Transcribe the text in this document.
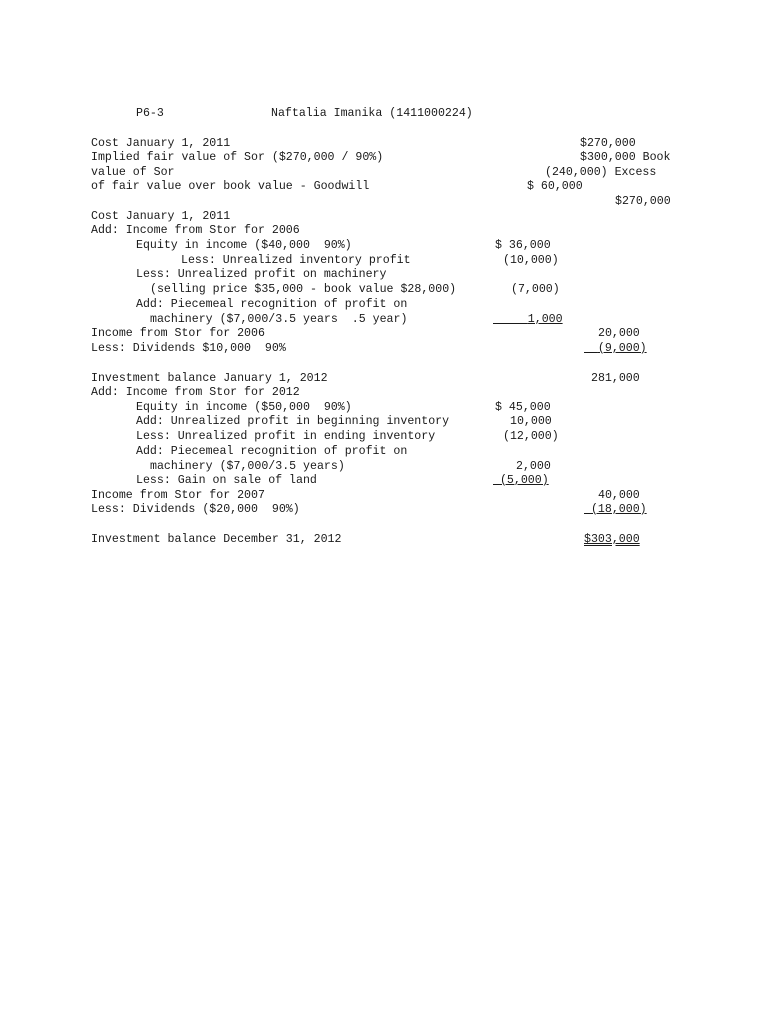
P6-3	Naftalia Imanika (1411000224)
Cost January 1, 2011	$270,000
Implied fair value of Sor ($270,000 / 90%)	$300,000 Book
value of Sor	(240,000) Excess
of fair value over book value - Goodwill	$ 60,000
$270,000
Cost January 1, 2011
Add: Income from Stor for 2006
Equity in income ($40,000  90%)	$ 36,000
Less: Unrealized inventory profit	(10,000)
Less: Unrealized profit on machinery
(selling price $35,000 - book value $28,000)	(7,000)
Add: Piecemeal recognition of profit on
machinery ($7,000/3.5 years  .5 year)	1,000
Income from Stor for 2006	20,000
Less: Dividends $10,000  90%	(9,000)
Investment balance January 1, 2012	281,000
Add: Income from Stor for 2012
Equity in income ($50,000  90%)	$ 45,000
Add: Unrealized profit in beginning inventory	10,000
Less: Unrealized profit in ending inventory	(12,000)
Add: Piecemeal recognition of profit on
machinery ($7,000/3.5 years)	2,000
Less: Gain on sale of land	(5,000)
Income from Stor for 2007	40,000
Less: Dividends ($20,000  90%)	(18,000)
Investment balance December 31, 2012	$303,000
